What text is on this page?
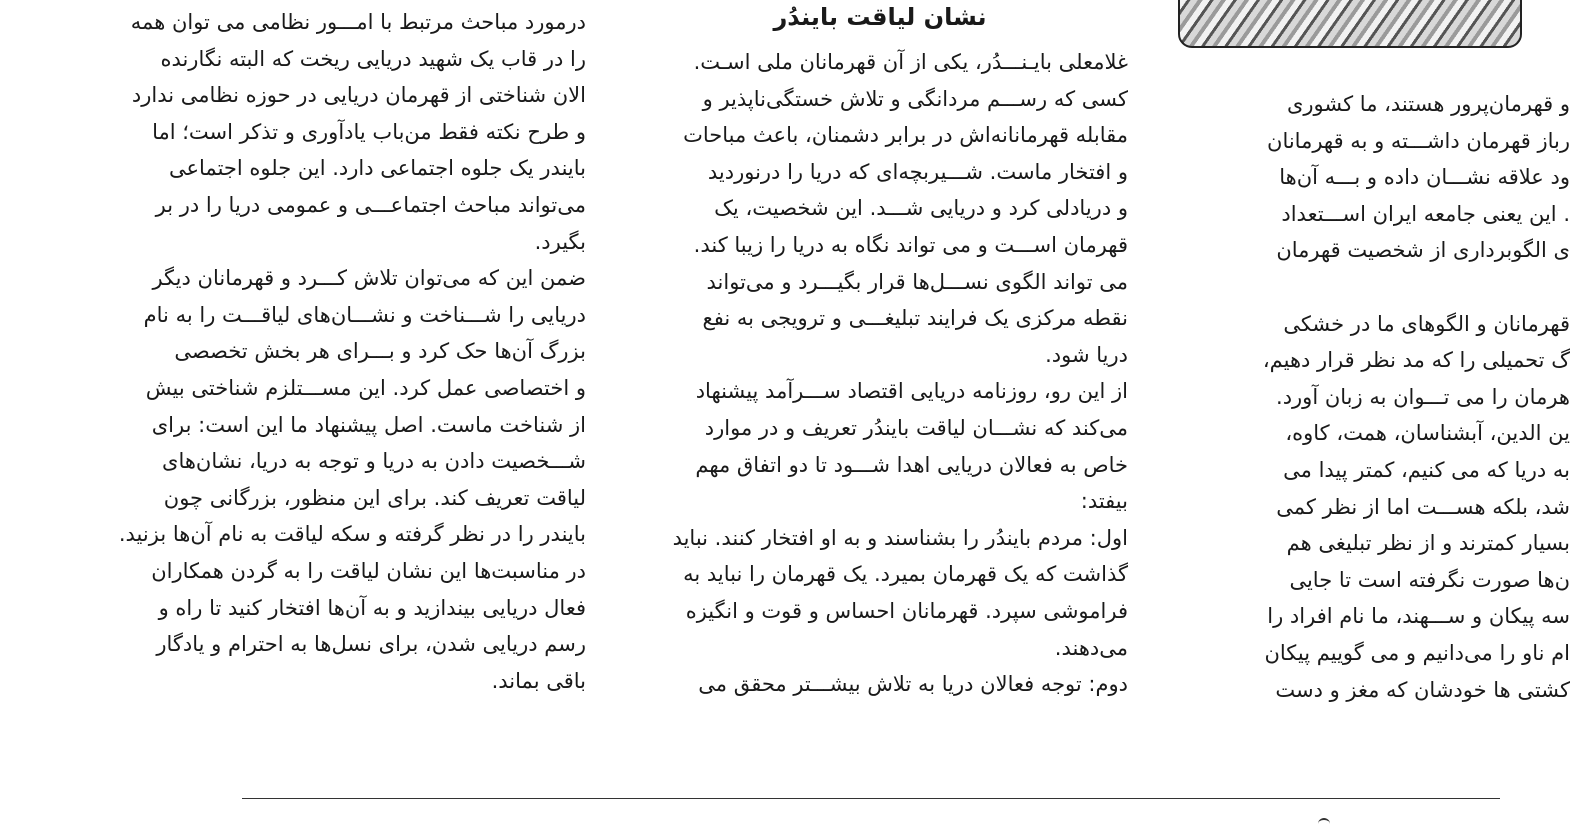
نشان لیاقت بایندُر
درمورد مباحث مرتبط با امـــور نظامی می توان همه
را در قاب یک شهید دریایی ریخت که البته نگارنده
الان شناختی از قهرمان دریایی در حوزه نظامی ندارد
و طرح نکته فقط من‌باب یادآوری و تذکر است؛ اما
بایندر یک جلوه اجتماعی دارد. این جلوه اجتماعی
می‌تواند مباحث اجتماعـــی و عمومی دریا را در بر
بگیرد.
ضمن این که می‌توان تلاش کـــرد و قهرمانان دیگر
دریایی را شـــناخت و نشـــان‌های لیاقـــت را به نام
بزرگ آن‌ها حک کرد و بـــرای هر بخش تخصصی
و اختصاصی عمل کرد. این مســـتلزم شناختی بیش
از شناخت ماست. اصل پیشنهاد ما این است: برای
شـــخصیت دادن به دریا و توجه به دریا، نشان‌های
لیاقت تعریف کند. برای این منظور، بزرگانی چون
بایندر را در نظر گرفته و سکه لیاقت به نام آن‌ها بزنید.
در مناسبت‌ها این نشان لیاقت را به گردن همکاران
فعال دریایی بیندازید و به آن‌ها افتخار کنید تا راه و
رسم دریایی شدن، برای نسل‌ها به احترام و یادگار
باقی بماند.
غلامعلی بایـنـــدُر، یکی از آن قهرمانان ملی اسـت.
کسی که رســـم مردانگی و تلاش خستگی‌ناپذیر و
مقابله قهرمانانه‌اش در برابر دشمنان، باعث مباحات
و افتخار ماست. شـــیربچه‌ای که دریا را درنوردید
و دریادلی کرد و دریایی شـــد. این شخصیت، یک
قهرمان اســـت و می تواند نگاه به دریا را زیبا کند.
می تواند الگوی نســـل‌ها قرار بگیـــرد و می‌تواند
نقطه مرکزی یک فرایند تبلیغـــی و ترویجی به نفع
دریا شود.
از این رو، روزنامه دریایی اقتصاد ســـرآمد پیشنهاد
می‌کند که نشـــان لیاقت بایندُر تعریف و در موارد
خاص به فعالان دریایی اهدا شـــود تا دو اتفاق مهم
بیفتد:
اول: مردم بایندُر را بشناسند و به او افتخار کنند. نباید
گذاشت که یک قهرمان بمیرد. یک قهرمان را نباید به
فراموشی سپرد. قهرمانان احساس و قوت و انگیزه
می‌دهند.
دوم: توجه فعالان دریا به تلاش بیشـــتر محقق می
و قهرمان‌پرور هستند، ما کشوری
رباز قهرمان داشـــته و به قهرمانان
ود علاقه نشـــان داده و بـــه آن‌ها
. این یعنی جامعه ایران اســـتعداد
ی الگوبرداری از شخصیت قهرمان
قهرمانان و الگوهای ما در خشکی
گ تحمیلی را که مد نظر قرار دهیم،
هرمان را می تـــوان به زبان آورد.
ین الدین، آبشناسان، همت، کاوه،
به دریا که می کنیم، کمتر پیدا می
شد، بلکه هســـت اما از نظر کمی
بسیار کمترند و از نظر تبلیغی هم
ن‌ها صورت نگرفته است تا جایی
سه پیکان و ســـهند، ما نام افراد را
ام ناو را می‌دانیم و می گوییم پیکان
کشتی ها خودشان که مغز و دست
